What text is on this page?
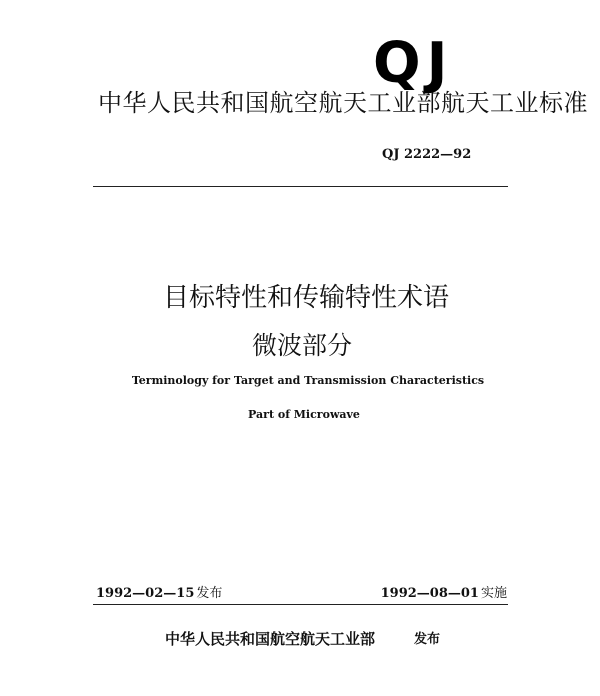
QJ
中华人民共和国航空航天工业部航天工业标准
QJ 2222—92
目标特性和传输特性术语
微波部分
Terminology for Target and Transmission Characteristics
Part of Microwave
1992—02—15 发布	1992—08—01 实施
中华人民共和国航空航天工业部	发布
